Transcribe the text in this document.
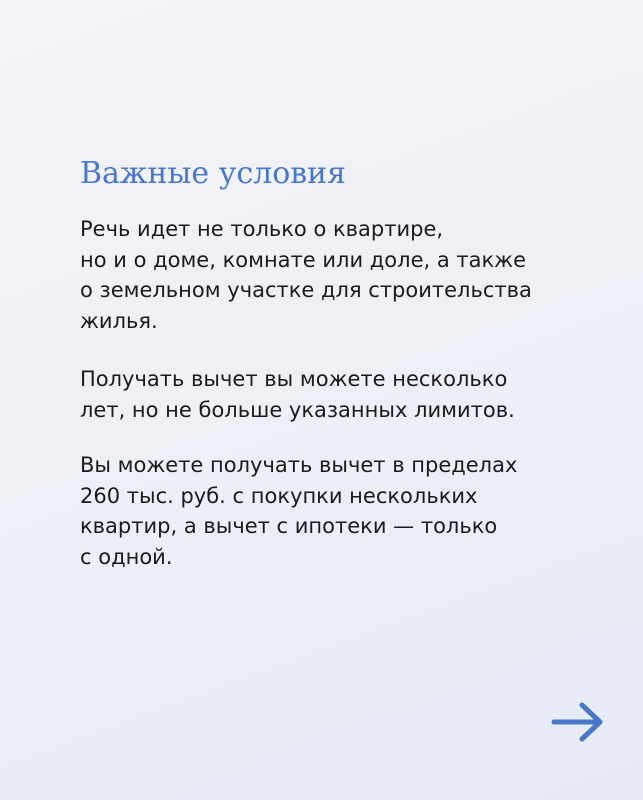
Важные условия

Речь идет не только о квартире,
но и о доме, комнате или доле, а также
о земельном участке для строительства
жилья.

Получать вычет вы можете несколько
лет, но не больше указанных лимитов.

Вы можете получать вычет в пределах
260 тыс. руб. с покупки нескольких
квартир, а вычет с ипотеки — только
с одной.
